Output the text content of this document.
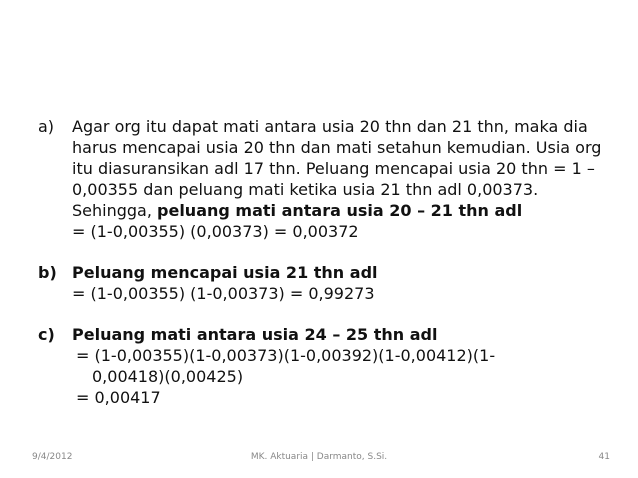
a)	Agar org itu dapat mati antara usia 20 thn dan 21 thn, maka dia
harus mencapai usia 20 thn dan mati setahun kemudian. Usia org
itu diasuransikan adl 17 thn. Peluang mencapai usia 20 thn = 1 –
0,00355 dan peluang mati ketika usia 21 thn adl 0,00373.
Sehingga, peluang mati antara usia 20 – 21 thn adl
= (1-0,00355) (0,00373) = 0,00372
b) Peluang mencapai usia 21 thn adl
= (1-0,00355) (1-0,00373) = 0,99273
c)	Peluang mati antara usia 24 – 25 thn adl
= (1-0,00355)(1-0,00373)(1-0,00392)(1-0,00412)(1-
0,00418)(0,00425)
= 0,00417
9/4/2012	MK. Aktuaria | Darmanto, S.Si.	41
